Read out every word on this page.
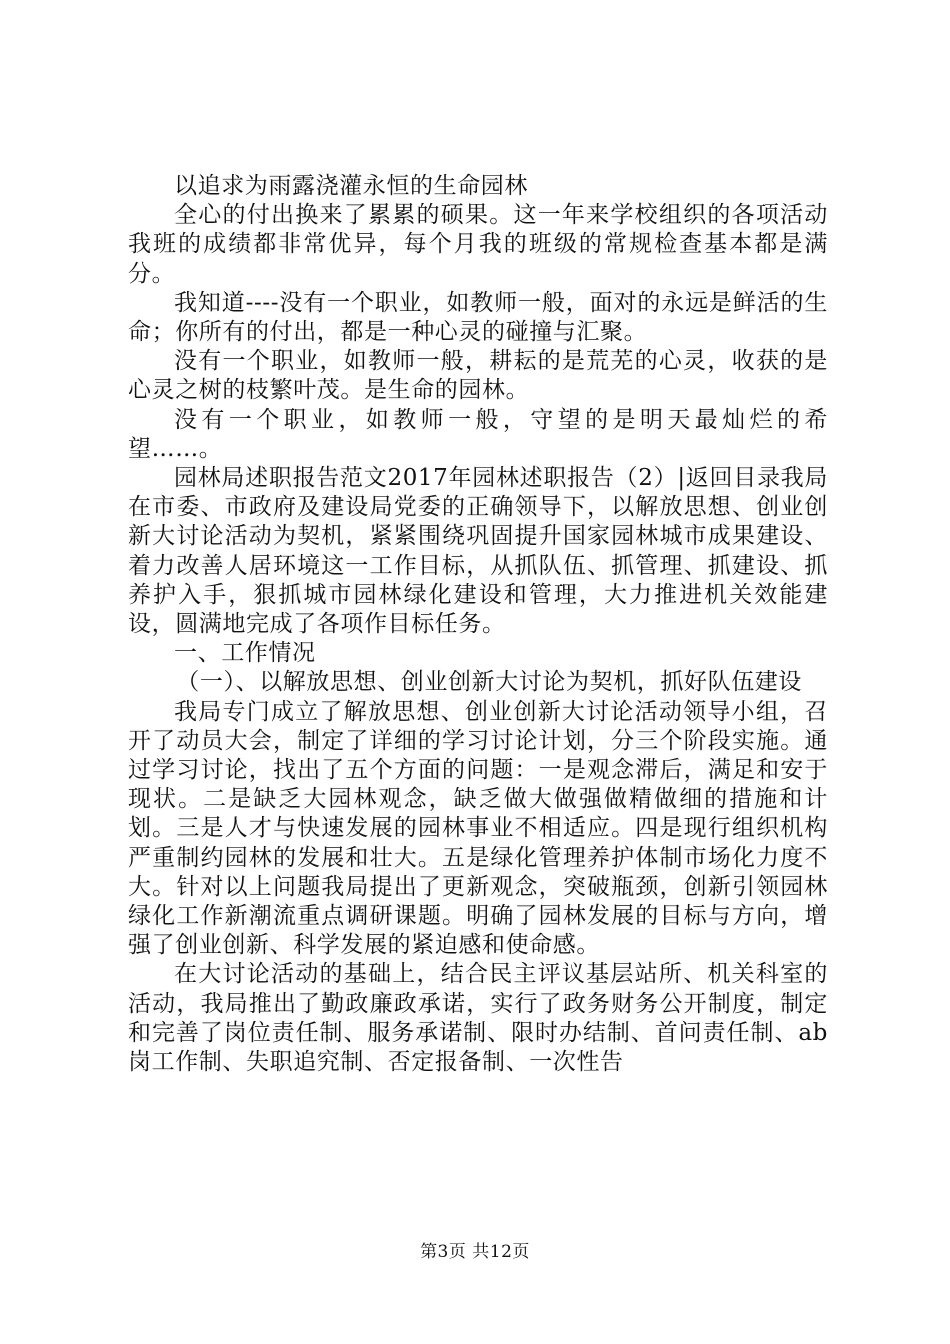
以追求为雨露浇灌永恒的生命园林

全心的付出换来了累累的硕果。这一年来学校组织的各项活动我班的成绩都非常优异，每个月我的班级的常规检查基本都是满分。

我知道----没有一个职业，如教师一般，面对的永远是鲜活的生命；你所有的付出，都是一种心灵的碰撞与汇聚。

没有一个职业，如教师一般，耕耘的是荒芜的心灵，收获的是心灵之树的枝繁叶茂。是生命的园林。

没有一个职业，如教师一般，守望的是明天最灿烂的希望……。

园林局述职报告范文2017年园林述职报告（2）|返回目录我局在市委、市政府及建设局党委的正确领导下，以解放思想、创业创新大讨论活动为契机，紧紧围绕巩固提升国家园林城市成果建设、着力改善人居环境这一工作目标，从抓队伍、抓管理、抓建设、抓养护入手，狠抓城市园林绿化建设和管理，大力推进机关效能建设，圆满地完成了各项作目标任务。

一、工作情况

（一）、以解放思想、创业创新大讨论为契机，抓好队伍建设

我局专门成立了解放思想、创业创新大讨论活动领导小组，召开了动员大会，制定了详细的学习讨论计划，分三个阶段实施。通过学习讨论，找出了五个方面的问题：一是观念滞后，满足和安于现状。二是缺乏大园林观念，缺乏做大做强做精做细的措施和计划。三是人才与快速发展的园林事业不相适应。四是现行组织机构严重制约园林的发展和壮大。五是绿化管理养护体制市场化力度不大。针对以上问题我局提出了更新观念，突破瓶颈，创新引领园林绿化工作新潮流重点调研课题。明确了园林发展的目标与方向，增强了创业创新、科学发展的紧迫感和使命感。

在大讨论活动的基础上，结合民主评议基层站所、机关科室的活动，我局推出了勤政廉政承诺，实行了政务财务公开制度，制定和完善了岗位责任制、服务承诺制、限时办结制、首问责任制、ab岗工作制、失职追究制、否定报备制、一次性告

第3页 共12页
